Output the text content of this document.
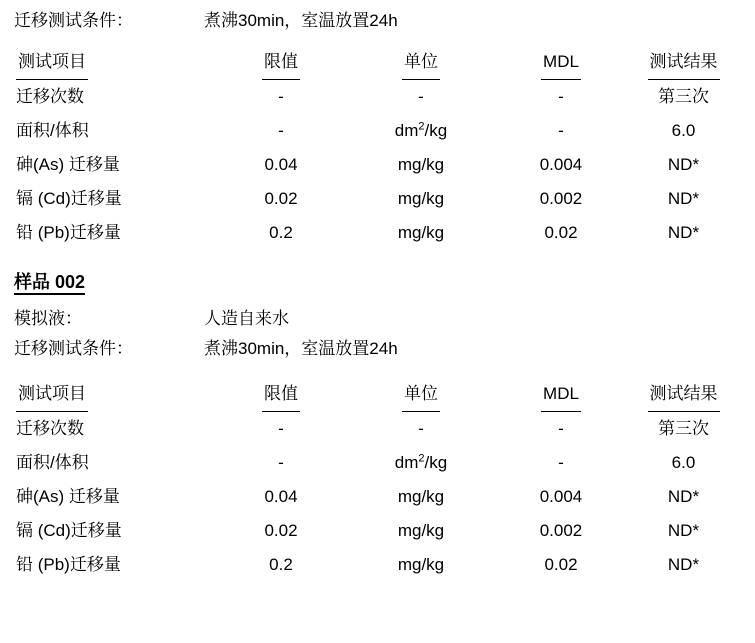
迁移测试条件：	煮沸30min，室温放置24h
测试项目	限值	单位	MDL	测试结果
迁移次数	-	-	-	第三次
面积/体积	-	$dm^2/kg$	-	6.0
砷(As) 迁移量	0.04	mg/kg	0.004	ND*
镉 (Cd)迁移量	0.02	mg/kg	0.002	ND*
铅 (Pb)迁移量	0.2	mg/kg	0.02	ND*
样品 002
模拟液：	人造自来水
迁移测试条件：	煮沸30min，室温放置24h
测试项目	限值	单位	MDL	测试结果
迁移次数	-	-	-	第三次
面积/体积	-	$dm^2/kg$	-	6.0
砷(As) 迁移量	0.04	mg/kg	0.004	ND*
镉 (Cd)迁移量	0.02	mg/kg	0.002	ND*
铅 (Pb)迁移量	0.2	mg/kg	0.02	ND*
